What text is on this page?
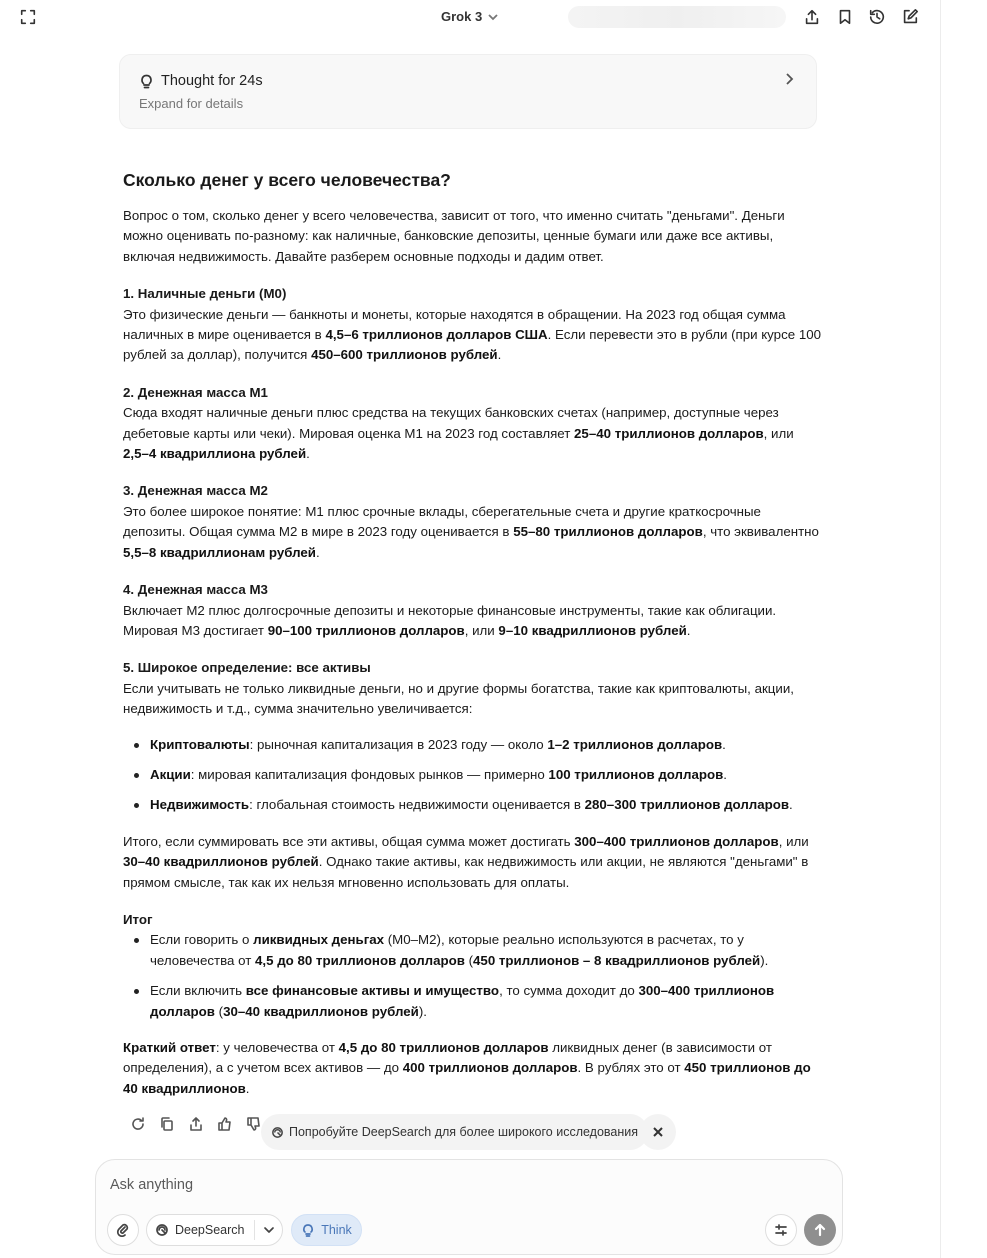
Grok 3
Thought for 24s
Expand for details
Сколько денег у всего человечества?

Вопрос о том, сколько денег у всего человечества, зависит от того, что именно считать "деньгами". Деньги можно оценивать по-разному: как наличные, банковские депозиты, ценные бумаги или даже все активы, включая недвижимость. Давайте разберем основные подходы и дадим ответ.

1. Наличные деньги (M0)
Это физические деньги — банкноты и монеты, которые находятся в обращении. На 2023 год общая сумма наличных в мире оценивается в 4,5–6 триллионов долларов США. Если перевести это в рубли (при курсе 100 рублей за доллар), получится 450–600 триллионов рублей.

2. Денежная масса M1
Сюда входят наличные деньги плюс средства на текущих банковских счетах (например, доступные через дебетовые карты или чеки). Мировая оценка M1 на 2023 год составляет 25–40 триллионов долларов, или 2,5–4 квадриллиона рублей.

3. Денежная масса M2
Это более широкое понятие: M1 плюс срочные вклады, сберегательные счета и другие краткосрочные депозиты. Общая сумма M2 в мире в 2023 году оценивается в 55–80 триллионов долларов, что эквивалентно 5,5–8 квадриллионам рублей.

4. Денежная масса M3
Включает M2 плюс долгосрочные депозиты и некоторые финансовые инструменты, такие как облигации. Мировая M3 достигает 90–100 триллионов долларов, или 9–10 квадриллионов рублей.

5. Широкое определение: все активы
Если учитывать не только ликвидные деньги, но и другие формы богатства, такие как криптовалюты, акции, недвижимость и т.д., сумма значительно увеличивается:

Криптовалюты: рыночная капитализация в 2023 году — около 1–2 триллионов долларов.
Акции: мировая капитализация фондовых рынков — примерно 100 триллионов долларов.
Недвижимость: глобальная стоимость недвижимости оценивается в 280–300 триллионов долларов.

Итого, если суммировать все эти активы, общая сумма может достигать 300–400 триллионов долларов, или 30–40 квадриллионов рублей. Однако такие активы, как недвижимость или акции, не являются "деньгами" в прямом смысле, так как их нельзя мгновенно использовать для оплаты.

Итог
Если говорить о ликвидных деньгах (M0–M2), которые реально используются в расчетах, то у человечества от 4,5 до 80 триллионов долларов (450 триллионов – 8 квадриллионов рублей).
Если включить все финансовые активы и имущество, то сумма доходит до 300–400 триллионов долларов (30–40 квадриллионов рублей).

Краткий ответ: у человечества от 4,5 до 80 триллионов долларов ликвидных денег (в зависимости от определения), а с учетом всех активов — до 400 триллионов долларов. В рублях это от 450 триллионов до 40 квадриллионов.

Попробуйте DeepSearch для более широкого исследования
Ask anything
DeepSearch	Think
